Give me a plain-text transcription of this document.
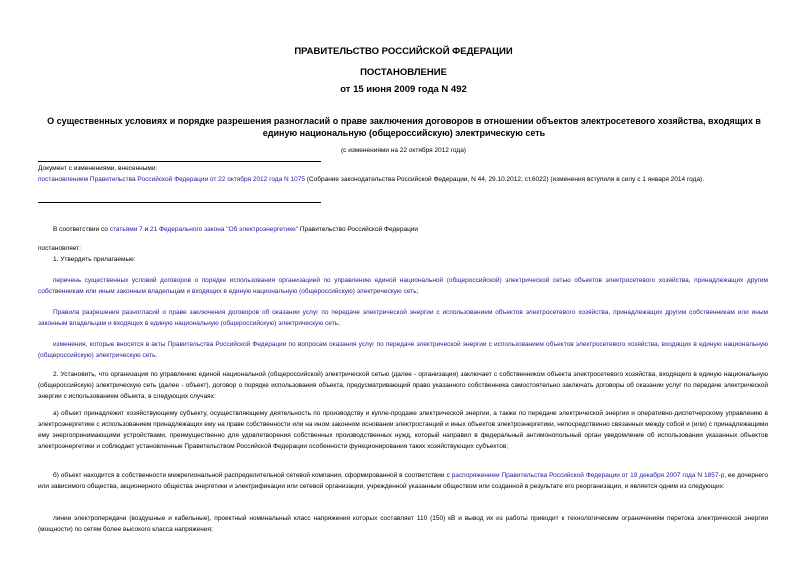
ПРАВИТЕЛЬСТВО РОССИЙСКОЙ ФЕДЕРАЦИИ
ПОСТАНОВЛЕНИЕ
от 15 июня 2009 года N 492
О существенных условиях и порядке разрешения разногласий о праве заключения договоров в отношении объектов электросетевого хозяйства, входящих в единую национальную (общероссийскую) электрическую сеть
(с изменениями на 22 октября 2012 года)
Документ с изменениями, внесенными:
постановлением Правительства Российской Федерации от 22 октября 2012 года N 1075 (Собрание законодательства Российской Федерации, N 44, 29.10.2012, ст.6022) (изменения вступили в силу с 1 января 2014 года).
В соответствии со статьями 7 и 21 Федерального закона "Об электроэнергетике" Правительство Российской Федерации
постановляет:
1. Утвердить прилагаемые:
перечень существенных условий договоров о порядке использования организацией по управлению единой национальной (общероссийской) электрической сетью объектов электросетевого хозяйства, принадлежащих другим собственникам или иным законным владельцам и входящих в единую национальную (общероссийскую) электрическую сеть;
Правила разрешения разногласий о праве заключения договоров об оказании услуг по передаче электрической энергии с использованием объектов электросетевого хозяйства, принадлежащих другим собственникам или иным законным владельцам и входящих в единую национальную (общероссийскую) электрическую сеть;
изменения, которые вносятся в акты Правительства Российской Федерации по вопросам оказания услуг по передаче электрической энергии с использованием объектов электросетевого хозяйства, входящих в единую национальную (общероссийскую) электрическую сеть.
2. Установить, что организация по управлению единой национальной (общероссийской) электрической сетью (далее - организация) заключает с собственником объекта электросетевого хозяйства, входящего в единую национальную (общероссийскую) электрическую сеть (далее - объект), договор о порядке использования объекта, предусматривающий право указанного собственника самостоятельно заключать договоры об оказании услуг по передаче электрической энергии с использованием объекта, в следующих случаях:
а) объект принадлежит хозяйствующему субъекту, осуществляющему деятельность по производству и купле-продаже электрической энергии, а также по передаче электрической энергии и оперативно-диспетчерскому управлению в электроэнергетике с использованием принадлежащих ему на праве собственности или на ином законном основании электростанций и иных объектов электроэнергетики, непосредственно связанных между собой и (или) с принадлежащими ему энергопринимающими устройствами, преимущественно для удовлетворения собственных производственных нужд, который направил в федеральный антимонопольный орган уведомление об использовании указанных объектов электроэнергетики и соблюдает установленные Правительством Российской Федерации особенности функционирования таких хозяйствующих субъектов;
б) объект находится в собственности межрегиональной распределительной сетевой компании, сформированной в соответствии с распоряжением Правительства Российской Федерации от 19 декабря 2007 года N 1857-р, ее дочернего или зависимого общества, акционерного общества энергетики и электрификации или сетевой организации, учрежденной указанным обществом или созданной в результате его реорганизации, и является одним из следующих:
линии электропередачи (воздушные и кабельные), проектный номинальный класс напряжения которых составляет 110 (150) кВ и вывод их из работы приводит к технологическим ограничениям перетока электрической энергии (мощности) по сетям более высокого класса напряжения;
